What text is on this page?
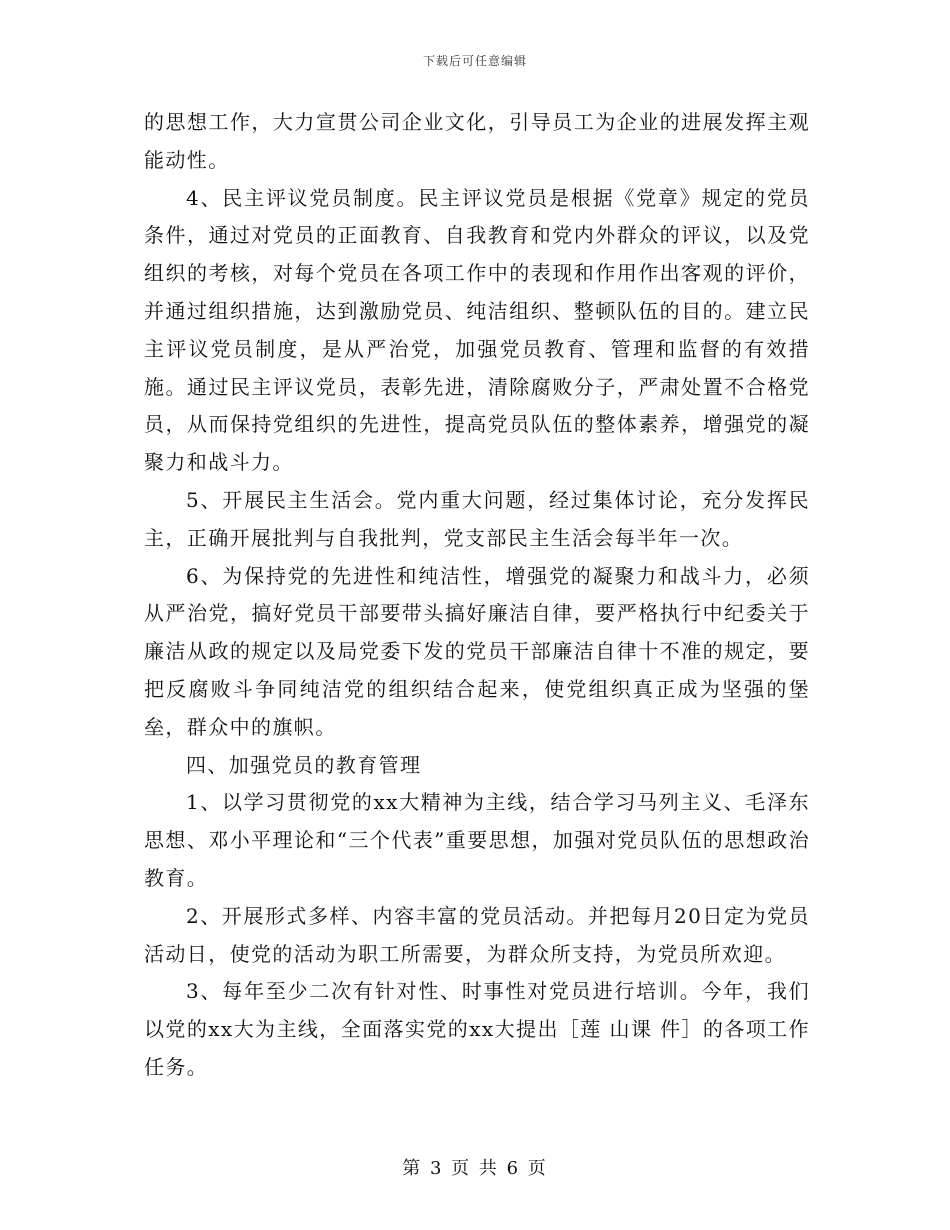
下载后可任意编辑

的思想工作，大力宣贯公司企业文化，引导员工为企业的进展发挥主观能动性。

4、民主评议党员制度。民主评议党员是根据《党章》规定的党员条件，通过对党员的正面教育、自我教育和党内外群众的评议，以及党组织的考核，对每个党员在各项工作中的表现和作用作出客观的评价，并通过组织措施，达到激励党员、纯洁组织、整顿队伍的目的。建立民主评议党员制度，是从严治党，加强党员教育、管理和监督的有效措施。通过民主评议党员，表彰先进，清除腐败分子，严肃处置不合格党员，从而保持党组织的先进性，提高党员队伍的整体素养，增强党的凝聚力和战斗力。

5、开展民主生活会。党内重大问题，经过集体讨论，充分发挥民主，正确开展批判与自我批判，党支部民主生活会每半年一次。

6、为保持党的先进性和纯洁性，增强党的凝聚力和战斗力，必须从严治党，搞好党员干部要带头搞好廉洁自律，要严格执行中纪委关于廉洁从政的规定以及局党委下发的党员干部廉洁自律十不准的规定，要把反腐败斗争同纯洁党的组织结合起来，使党组织真正成为坚强的堡垒，群众中的旗帜。

四、加强党员的教育管理

1、以学习贯彻党的xx大精神为主线，结合学习马列主义、毛泽东思想、邓小平理论和“三个代表”重要思想，加强对党员队伍的思想政治教育。

2、开展形式多样、内容丰富的党员活动。并把每月20日定为党员活动日，使党的活动为职工所需要，为群众所支持，为党员所欢迎。

3、每年至少二次有针对性、时事性对党员进行培训。今年，我们以党的xx大为主线，全面落实党的xx大提出［莲 山课 件］的各项工作任务。

第 3 页 共 6 页
